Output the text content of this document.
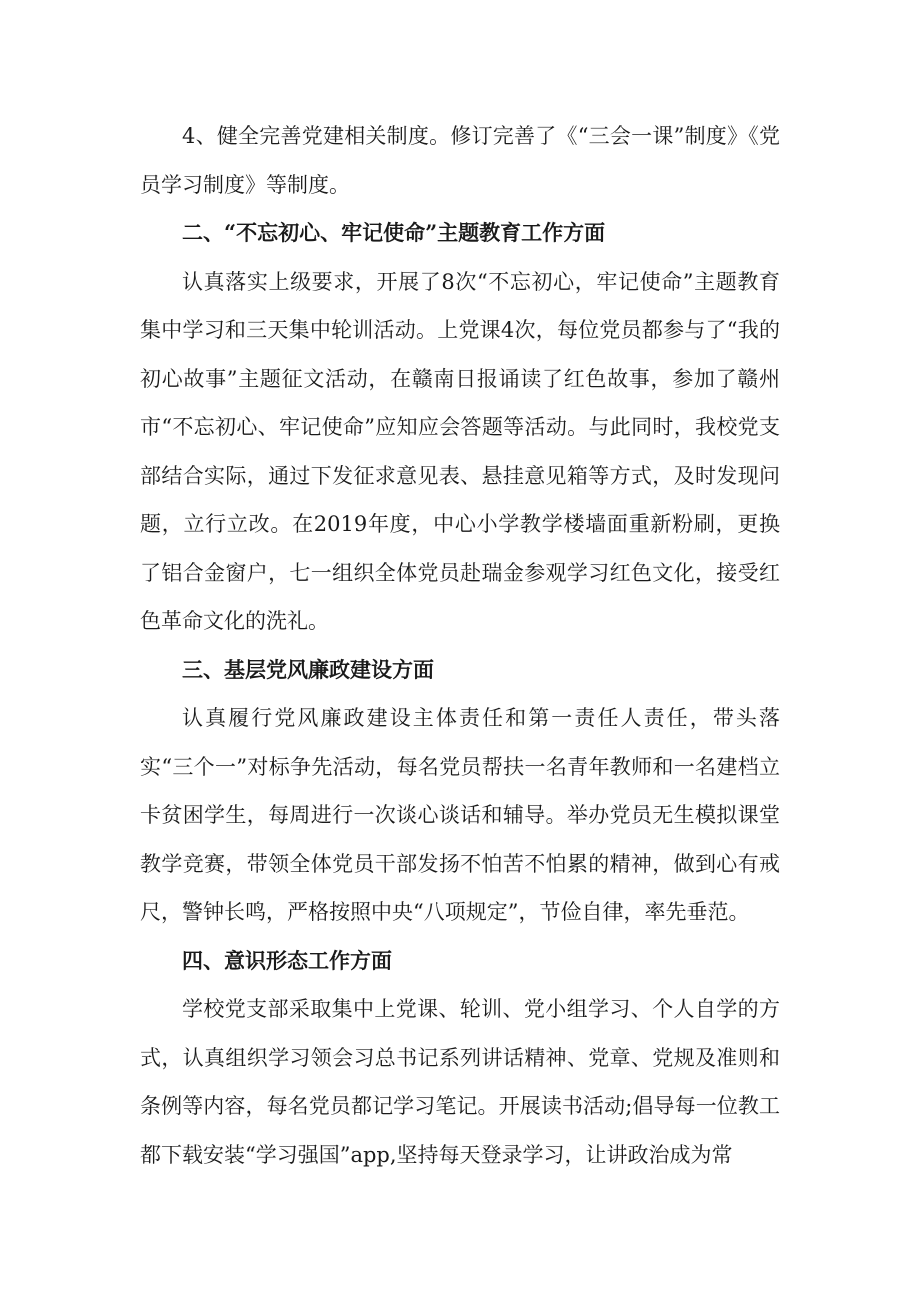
4、健全完善党建相关制度。修订完善了《“三会一课”制度》《党员学习制度》等制度。

二、“不忘初心、牢记使命”主题教育工作方面

认真落实上级要求，开展了8次“不忘初心，牢记使命”主题教育集中学习和三天集中轮训活动。上党课4次，每位党员都参与了“我的初心故事”主题征文活动，在赣南日报诵读了红色故事，参加了赣州市“不忘初心、牢记使命”应知应会答题等活动。与此同时，我校党支部结合实际，通过下发征求意见表、悬挂意见箱等方式，及时发现问题，立行立改。在2019年度，中心小学教学楼墙面重新粉刷，更换了铝合金窗户，七一组织全体党员赴瑞金参观学习红色文化，接受红色革命文化的洗礼。

三、基层党风廉政建设方面

认真履行党风廉政建设主体责任和第一责任人责任，带头落实“三个一”对标争先活动，每名党员帮扶一名青年教师和一名建档立卡贫困学生，每周进行一次谈心谈话和辅导。举办党员无生模拟课堂教学竞赛，带领全体党员干部发扬不怕苦不怕累的精神，做到心有戒尺，警钟长鸣，严格按照中央“八项规定”，节俭自律，率先垂范。

四、意识形态工作方面

学校党支部采取集中上党课、轮训、党小组学习、个人自学的方式，认真组织学习领会习总书记系列讲话精神、党章、党规及准则和条例等内容，每名党员都记学习笔记。开展读书活动;倡导每一位教工都下载安装“学习强国”app,坚持每天登录学习，让讲政治成为常
